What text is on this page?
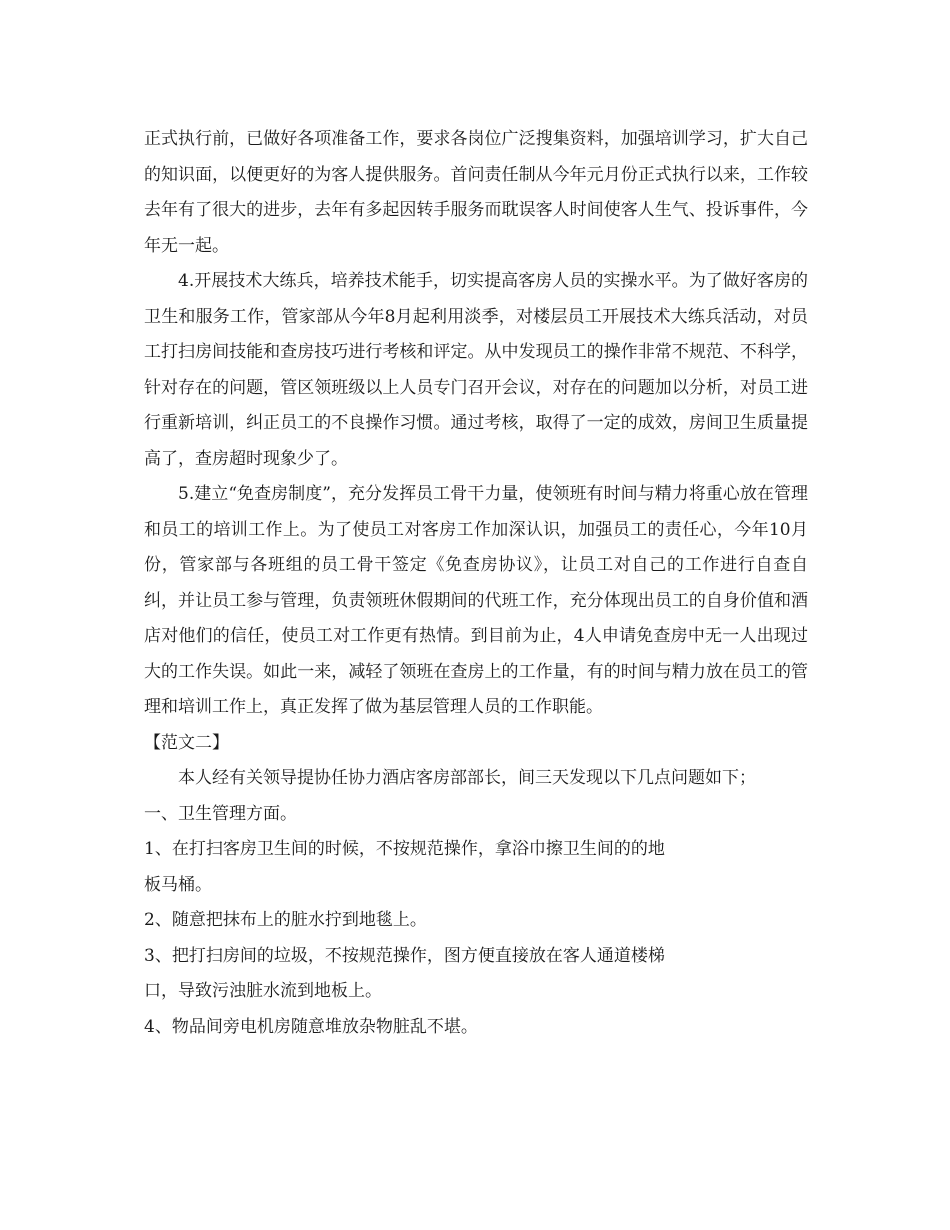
正式执行前，已做好各项准备工作，要求各岗位广泛搜集资料，加强培训学习，扩大自己的知识面，以便更好的为客人提供服务。首问责任制从今年元月份正式执行以来，工作较去年有了很大的进步，去年有多起因转手服务而耽误客人时间使客人生气、投诉事件，今年无一起。

4.开展技术大练兵，培养技术能手，切实提高客房人员的实操水平。为了做好客房的卫生和服务工作，管家部从今年8月起利用淡季，对楼层员工开展技术大练兵活动，对员工打扫房间技能和查房技巧进行考核和评定。从中发现员工的操作非常不规范、不科学，针对存在的问题，管区领班级以上人员专门召开会议，对存在的问题加以分析，对员工进行重新培训，纠正员工的不良操作习惯。通过考核，取得了一定的成效，房间卫生质量提高了，查房超时现象少了。

5.建立“免查房制度”，充分发挥员工骨干力量，使领班有时间与精力将重心放在管理和员工的培训工作上。为了使员工对客房工作加深认识，加强员工的责任心，今年10月份，管家部与各班组的员工骨干签定《免查房协议》，让员工对自己的工作进行自查自纠，并让员工参与管理，负责领班休假期间的代班工作，充分体现出员工的自身价值和酒店对他们的信任，使员工对工作更有热情。到目前为止，4人申请免查房中无一人出现过大的工作失误。如此一来，减轻了领班在查房上的工作量，有的时间与精力放在员工的管理和培训工作上，真正发挥了做为基层管理人员的工作职能。

【范文二】

本人经有关领导提协任协力酒店客房部部长，间三天发现以下几点问题如下；

一、卫生管理方面。

1、在打扫客房卫生间的时候，不按规范操作，拿浴巾擦卫生间的的地

板马桶。

2、随意把抹布上的脏水拧到地毯上。

3、把打扫房间的垃圾，不按规范操作，图方便直接放在客人通道楼梯

口，导致污浊脏水流到地板上。

4、物品间旁电机房随意堆放杂物脏乱不堪。
